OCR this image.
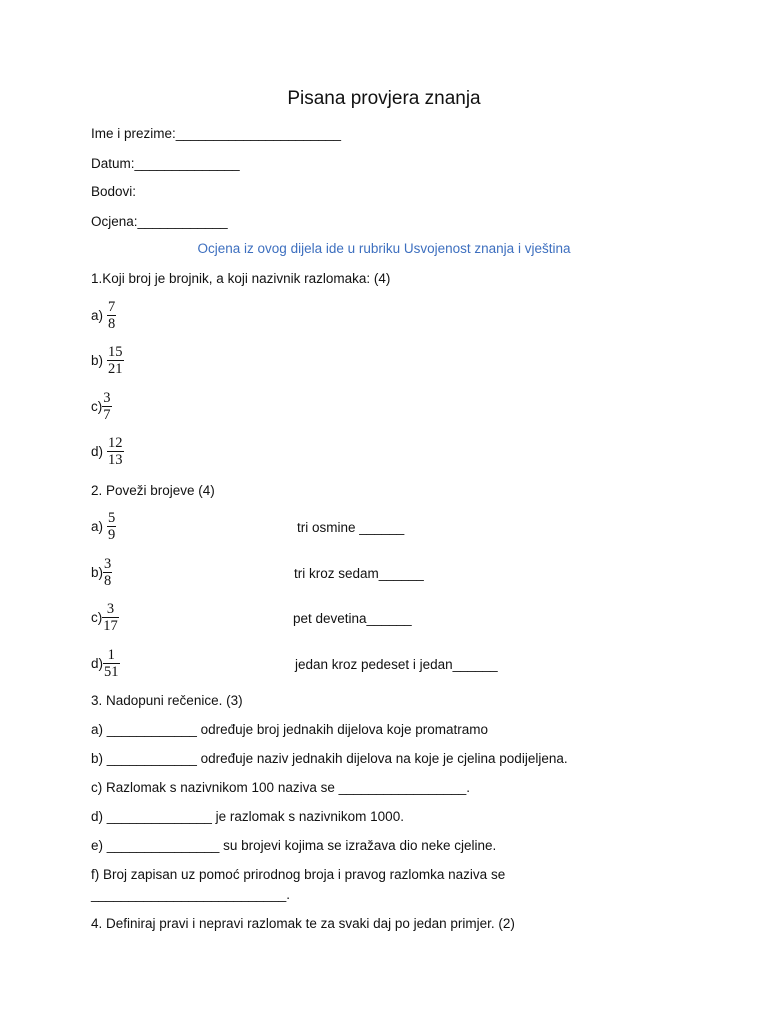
Pisana provjera znanja
Ime i prezime:______________________
Datum:______________
Bodovi:
Ocjena:____________
Ocjena iz ovog dijela ide u rubriku Usvojenost znanja i vještina
1.Koji broj je brojnik, a koji nazivnik razlomaka: (4)
$a) \frac{7}{8}$
$b) \frac{15}{21}$
$c) \frac{3}{7}$
$d) \frac{12}{13}$
2. Poveži brojeve (4)
$a) \frac{5}{9}$	tri osmine ______
$b) \frac{3}{8}$	tri kroz sedam______
$c) \frac{3}{17}$	pet devetina______
$d) \frac{1}{51}$	jedan kroz pedeset i jedan______
3. Nadopuni rečenice. (3)
a) ____________ određuje broj jednakih dijelova koje promatramo
b) ____________ određuje naziv jednakih dijelova na koje je cjelina podijeljena.
c) Razlomak s nazivnikom 100 naziva se _________________.
d) ______________ je razlomak s nazivnikom 1000.
e) _______________ su brojevi kojima se izražava dio neke cjeline.
f) Broj zapisan uz pomoć prirodnog broja i pravog razlomka naziva se
__________________________.
4. Definiraj pravi i nepravi razlomak te za svaki daj po jedan primjer. (2)
